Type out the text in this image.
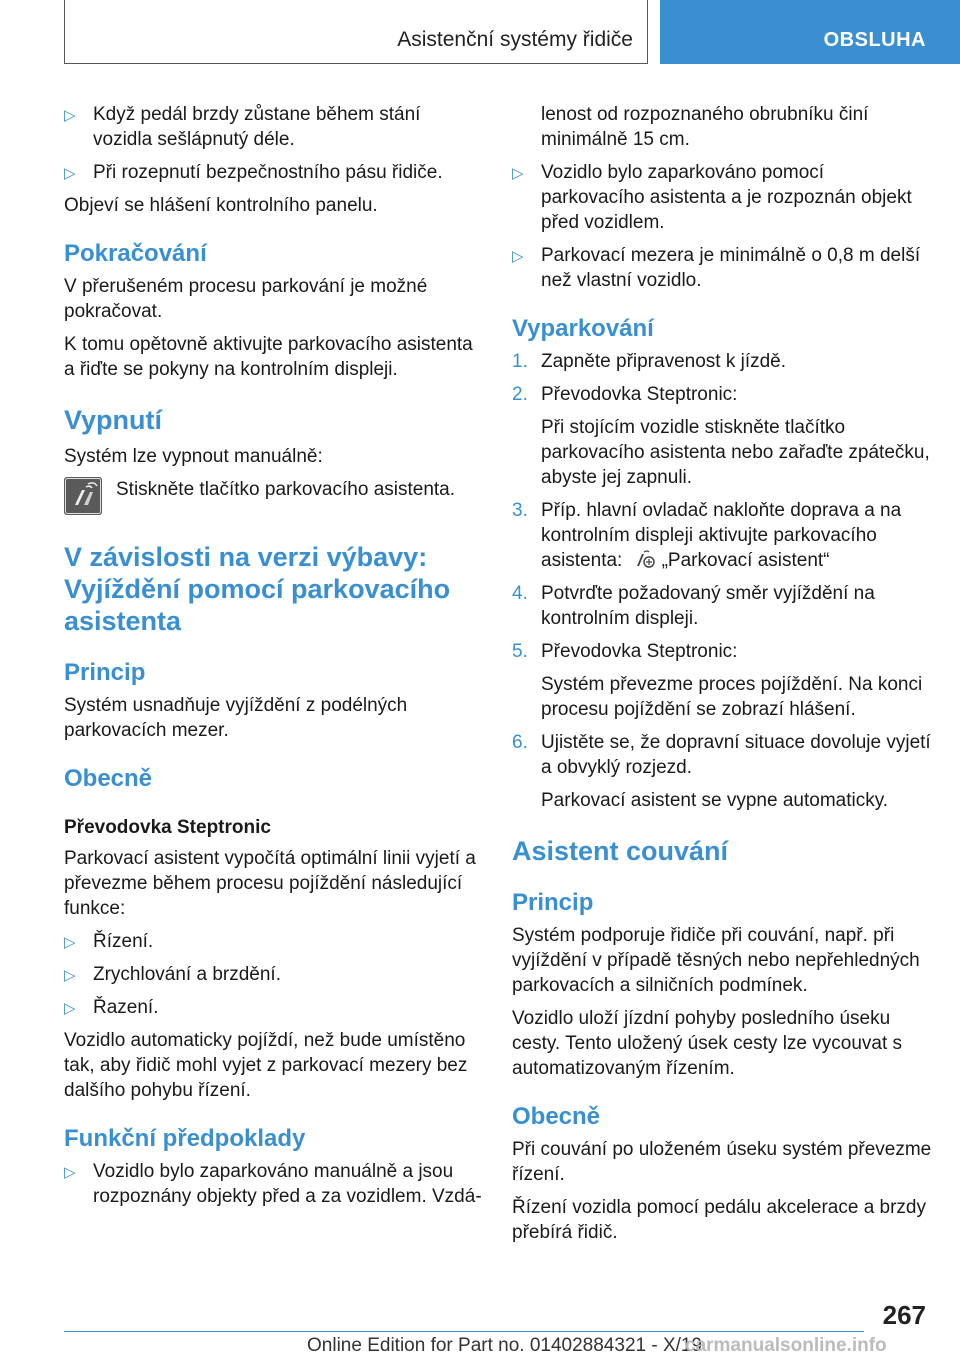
Asistenční systémy řidiče	OBSLUHA
▷ Když pedál brzdy zůstane během stání vozidla sešlápnutý déle.
▷ Při rozepnutí bezpečnostního pásu řidiče.

Objeví se hlášení kontrolního panelu.

Pokračování

V přerušeném procesu parkování je možné pokračovat.

K tomu opětovně aktivujte parkovacího asistenta a řiďte se pokyny na kontrolním displeji.

Vypnutí

Systém lze vypnout manuálně:

Stiskněte tlačítko parkovacího asistenta.
V závislosti na verzi výbavy:
Vyjíždění pomocí parkovacího asistenta
Princip

Systém usnadňuje vyjíždění z podélných parkovacích mezer.

Obecně
Převodovka Steptronic

Parkovací asistent vypočítá optimální linii vyjetí a převezme během procesu pojíždění následující funkce:

▷ Řízení.
▷ Zrychlování a brzdění.
▷ Řazení.

Vozidlo automaticky pojíždí, než bude umístěno tak, aby řidič mohl vyjet z parkovací mezery bez dalšího pohybu řízení.

Funkční předpoklady
▷ Vozidlo bylo zaparkováno manuálně a jsou rozpoznány objekty před a za vozidlem. Vzdá-

lenost od rozpoznaného obrubníku činí minimálně 15 cm.

▷ Vozidlo bylo zaparkováno pomocí parkovacího asistenta a je rozpoznán objekt před vozidlem.
▷ Parkovací mezera je minimálně o 0,8 m delší než vlastní vozidlo.
Vyparkování
1. Zapněte připravenost k jízdě.
2. Převodovka Steptronic:
Při stojícím vozidle stiskněte tlačítko parkovacího asistenta nebo zařaďte zpátečku, abyste jej zapnuli.
3. Příp. hlavní ovladač nakloňte doprava a na kontrolním displeji aktivujte parkovacího asistenta: „Parkovací asistent“
4. Potvrďte požadovaný směr vyjíždění na kontrolním displeji.
5. Převodovka Steptronic:
Systém převezme proces pojíždění. Na konci procesu pojíždění se zobrazí hlášení.
6. Ujistěte se, že dopravní situace dovoluje vyjetí a obvyklý rozjezd.
Parkovací asistent se vypne automaticky.
Asistent couvání
Princip

Systém podporuje řidiče při couvání, např. při vyjíždění v případě těsných nebo nepřehledných parkovacích a silničních podmínek.

Vozidlo uloží jízdní pohyby posledního úseku cesty. Tento uložený úsek cesty lze vycouvat s automatizovaným řízením.

Obecně

Při couvání po uloženém úseku systém převezme řízení.

Řízení vozidla pomocí pedálu akcelerace a brzdy přebírá řidič.

267
Online Edition for Part no. 01402884321 - X/19
carmanualsonline.info
